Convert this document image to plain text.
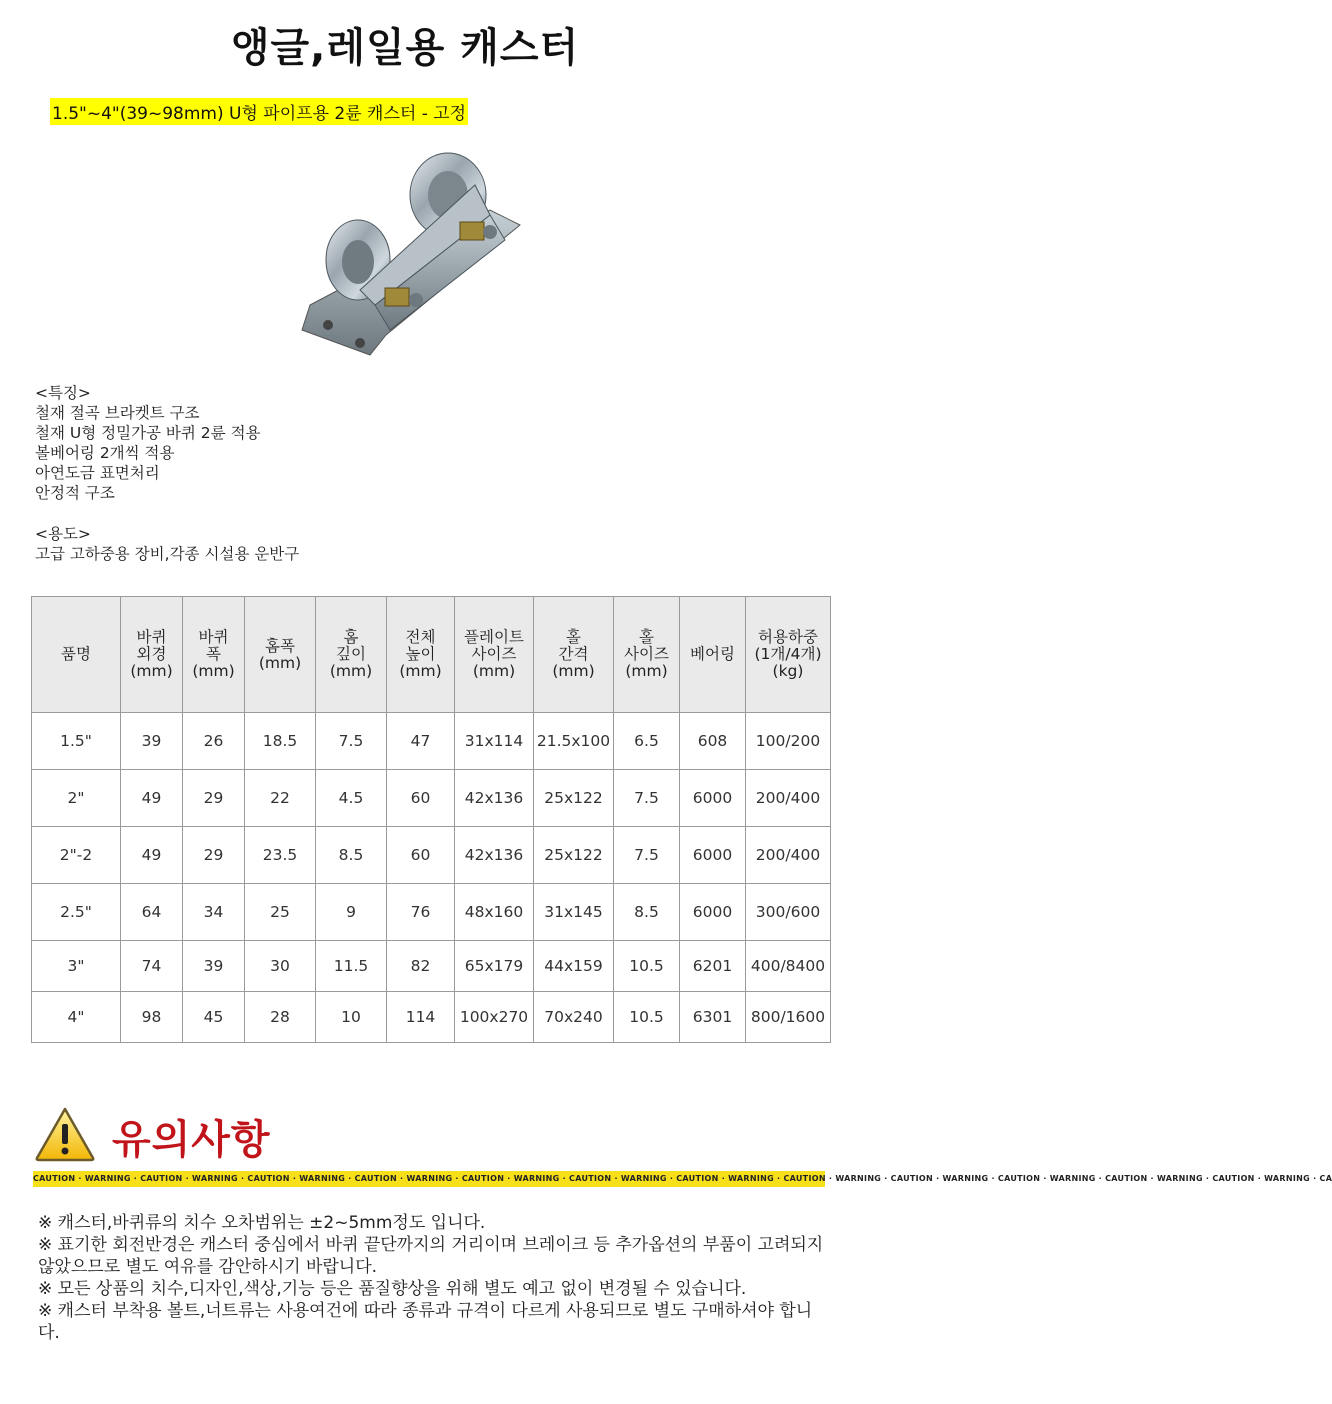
앵글,레일용 캐스터
1.5"~4"(39~98mm) U형 파이프용 2륜 캐스터 - 고정
<특징>
철재 절곡 브라켓트 구조
철재 U형 정밀가공 바퀴 2륜 적용
볼베어링 2개씩 적용
아연도금 표면처리
안정적 구조
<용도>
고급 고하중용 장비,각종 시설용 운반구
품명	바퀴
외경
(mm)	바퀴
폭
(mm)	홈폭
(mm)	홈
깊이
(mm)	전체
높이
(mm)	플레이트
사이즈
(mm)	홀
간격
(mm)	홀
사이즈
(mm)	베어링	허용하중
(1개/4개)
(kg)
1.5"	39	26	18.5	7.5	47	31x114	21.5x100	6.5	608	100/200
2"	49	29	22	4.5	60	42x136	25x122	7.5	6000	200/400
2"-2	49	29	23.5	8.5	60	42x136	25x122	7.5	6000	200/400
2.5"	64	34	25	9	76	48x160	31x145	8.5	6000	300/600
3"	74	39	30	11.5	82	65x179	44x159	10.5	6201	400/8400
4"	98	45	28	10	114	100x270	70x240	10.5	6301	800/1600
유의사항
CAUTION · WARNING · CAUTION · WARNING · CAUTION · WARNING · CAUTION · WARNING · CAUTION · WARNING · CAUTION · WARNING · CAUTION · WARNING · CAUTION · WARNING · CAUTION · WARNING · CAUTION · WARNING · CAUTION · WARNING · CAUTION · WARNING · CA

※ 캐스터,바퀴류의 치수 오차범위는 ±2~5mm정도 입니다.

※ 표기한 회전반경은 캐스터 중심에서 바퀴 끝단까지의 거리이며 브레이크 등 추가옵션의 부품이 고려되지 않았으므로 별도 여유를 감안하시기 바랍니다.

※ 모든 상품의 치수,디자인,색상,기능 등은 품질향상을 위해 별도 예고 없이 변경될 수 있습니다.

※ 캐스터 부착용 볼트,너트류는 사용여건에 따라 종류과 규격이 다르게 사용되므로 별도 구매하셔야 합니다.
